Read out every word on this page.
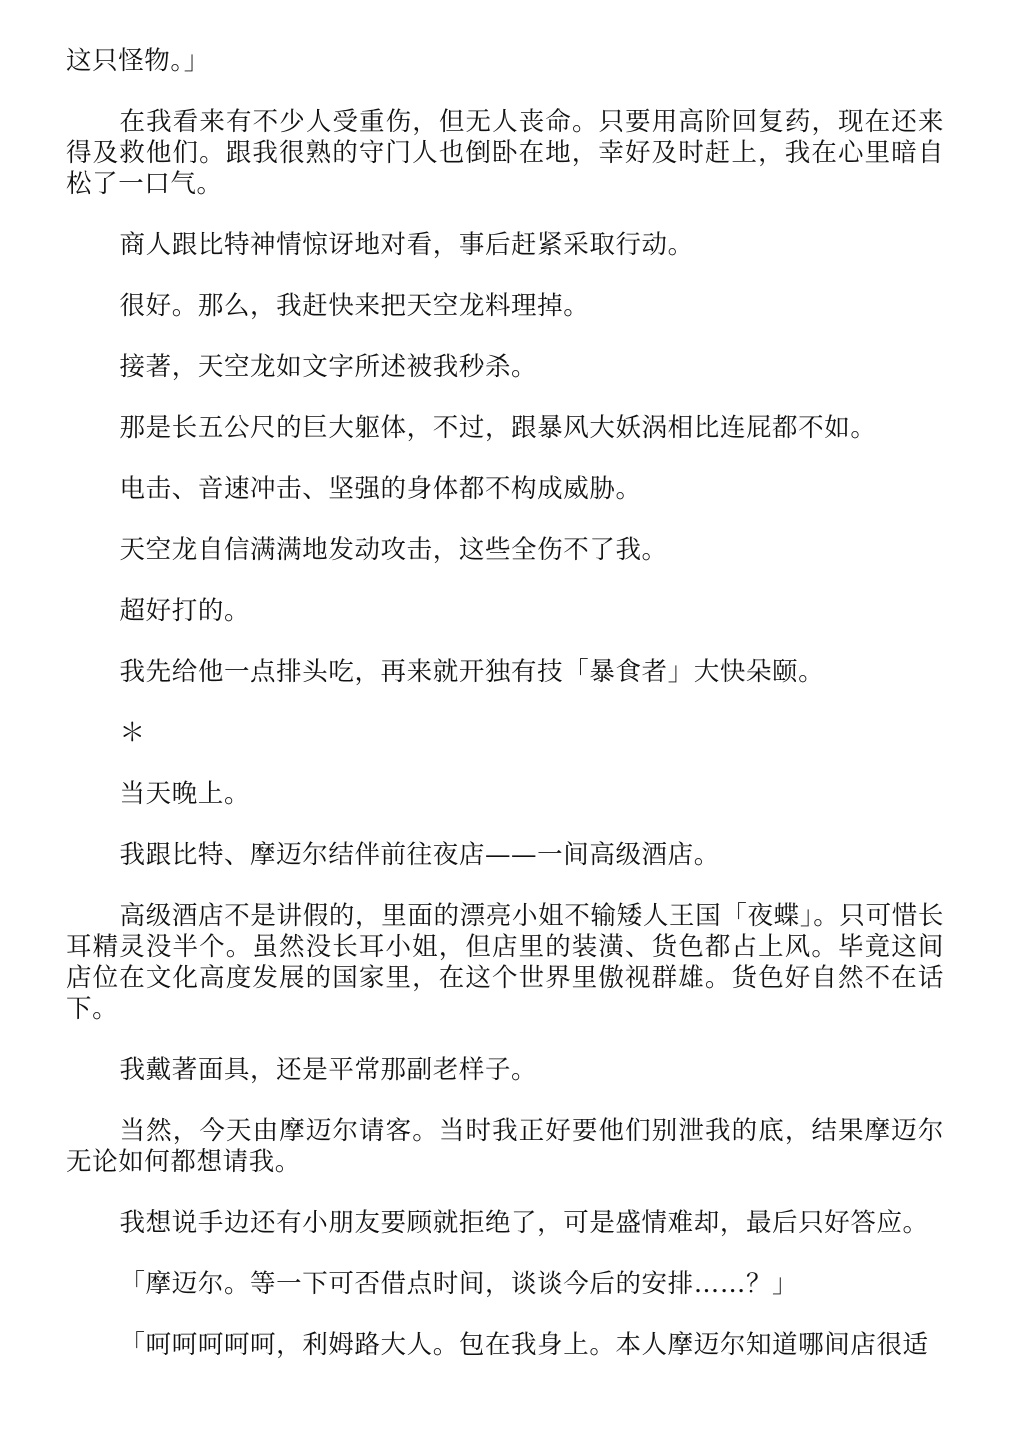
这只怪物。」

在我看来有不少人受重伤，但无人丧命。只要用高阶回复药，现在还来得及救他们。跟我很熟的守门人也倒卧在地，幸好及时赶上，我在心里暗自松了一口气。

商人跟比特神情惊讶地对看，事后赶紧采取行动。

很好。那么，我赶快来把天空龙料理掉。

接著，天空龙如文字所述被我秒杀。

那是长五公尺的巨大躯体，不过，跟暴风大妖涡相比连屁都不如。

电击、音速冲击、坚强的身体都不构成威胁。

天空龙自信满满地发动攻击，这些全伤不了我。

超好打的。

我先给他一点排头吃，再来就开独有技「暴食者」大快朵颐。

＊

当天晚上。

我跟比特、摩迈尔结伴前往夜店——一间高级酒店。

高级酒店不是讲假的，里面的漂亮小姐不输矮人王国「夜蝶」。只可惜长耳精灵没半个。虽然没长耳小姐，但店里的装潢、货色都占上风。毕竟这间店位在文化高度发展的国家里，在这个世界里傲视群雄。货色好自然不在话下。

我戴著面具，还是平常那副老样子。

当然，今天由摩迈尔请客。当时我正好要他们别泄我的底，结果摩迈尔无论如何都想请我。

我想说手边还有小朋友要顾就拒绝了，可是盛情难却，最后只好答应。

「摩迈尔。等一下可否借点时间，谈谈今后的安排……？」

「呵呵呵呵呵，利姆路大人。包在我身上。本人摩迈尔知道哪间店很适
